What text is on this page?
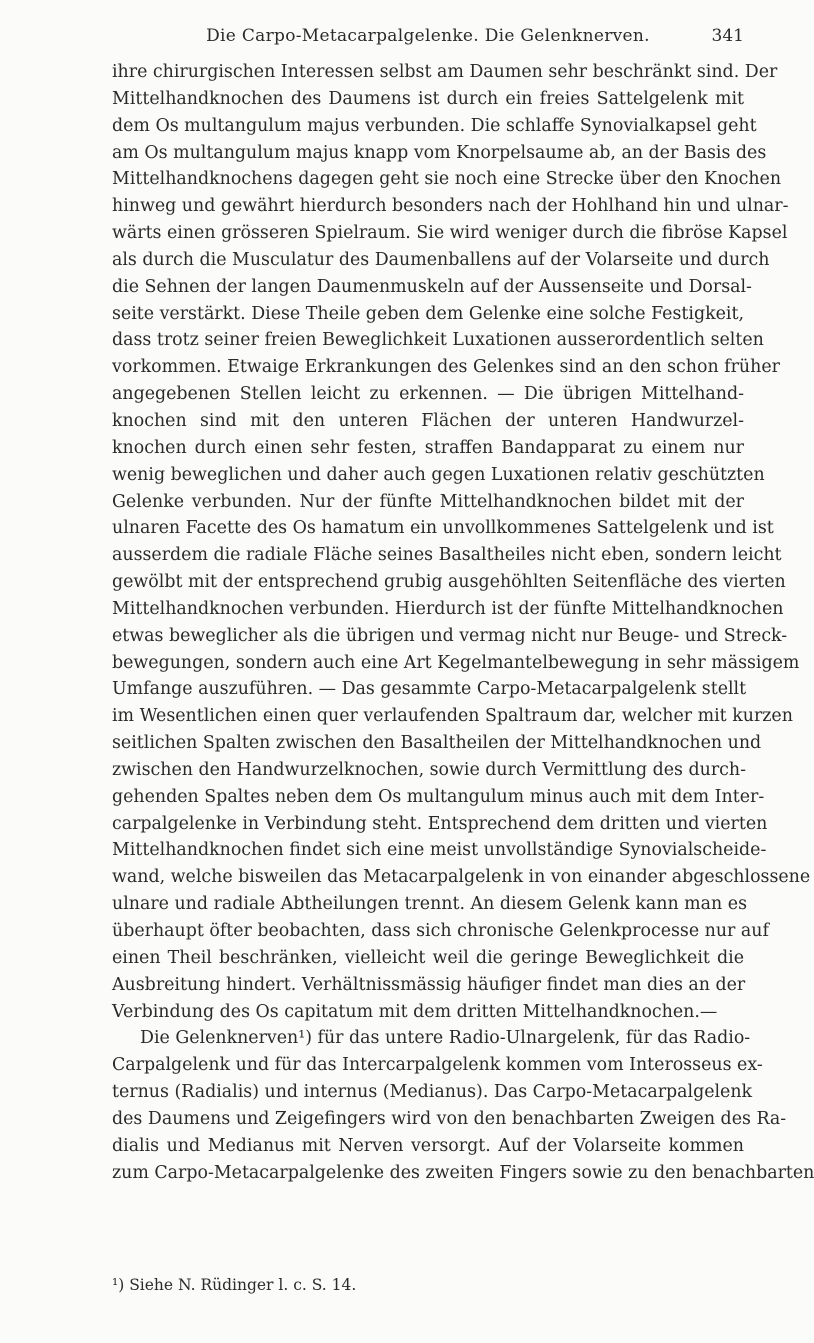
Die Carpo-Metacarpalgelenke. Die Gelenknerven.	341
ihre chirurgischen Interessen selbst am Daumen sehr beschränkt sind. Der
Mittelhandknochen des Daumens ist durch ein freies Sattelgelenk mit
dem Os multangulum majus verbunden. Die schlaffe Synovialkapsel geht
am Os multangulum majus knapp vom Knorpelsaume ab, an der Basis des
Mittelhandknochens dagegen geht sie noch eine Strecke über den Knochen
hinweg und gewährt hierdurch besonders nach der Hohlhand hin und ulnar-
wärts einen grösseren Spielraum. Sie wird weniger durch die fibröse Kapsel
als durch die Musculatur des Daumenballens auf der Volarseite und durch
die Sehnen der langen Daumenmuskeln auf der Aussenseite und Dorsal-
seite verstärkt. Diese Theile geben dem Gelenke eine solche Festigkeit,
dass trotz seiner freien Beweglichkeit Luxationen ausserordentlich selten
vorkommen. Etwaige Erkrankungen des Gelenkes sind an den schon früher
angegebenen Stellen leicht zu erkennen. — Die übrigen Mittelhand-
knochen sind mit den unteren Flächen der unteren Handwurzel-
knochen durch einen sehr festen, straffen Bandapparat zu einem nur
wenig beweglichen und daher auch gegen Luxationen relativ geschützten
Gelenke verbunden. Nur der fünfte Mittelhandknochen bildet mit der
ulnaren Facette des Os hamatum ein unvollkommenes Sattelgelenk und ist
ausserdem die radiale Fläche seines Basaltheiles nicht eben, sondern leicht
gewölbt mit der entsprechend grubig ausgehöhlten Seitenfläche des vierten
Mittelhandknochen verbunden. Hierdurch ist der fünfte Mittelhandknochen
etwas beweglicher als die übrigen und vermag nicht nur Beuge- und Streck-
bewegungen, sondern auch eine Art Kegelmantelbewegung in sehr mässigem
Umfange auszuführen. — Das gesammte Carpo-Metacarpalgelenk stellt
im Wesentlichen einen quer verlaufenden Spaltraum dar, welcher mit kurzen
seitlichen Spalten zwischen den Basaltheilen der Mittelhandknochen und
zwischen den Handwurzelknochen, sowie durch Vermittlung des durch-
gehenden Spaltes neben dem Os multangulum minus auch mit dem Inter-
carpalgelenke in Verbindung steht. Entsprechend dem dritten und vierten
Mittelhandknochen findet sich eine meist unvollständige Synovialscheide-
wand, welche bisweilen das Metacarpalgelenk in von einander abgeschlossene
ulnare und radiale Abtheilungen trennt. An diesem Gelenk kann man es
überhaupt öfter beobachten, dass sich chronische Gelenkprocesse nur auf
einen Theil beschränken, vielleicht weil die geringe Beweglichkeit die
Ausbreitung hindert. Verhältnissmässig häufiger findet man dies an der
Verbindung des Os capitatum mit dem dritten Mittelhandknochen.—
Die Gelenknerven¹) für das untere Radio-Ulnargelenk, für das Radio-
Carpalgelenk und für das Intercarpalgelenk kommen vom Interosseus ex-
ternus (Radialis) und internus (Medianus). Das Carpo-Metacarpalgelenk
des Daumens und Zeigefingers wird von den benachbarten Zweigen des Ra-
dialis und Medianus mit Nerven versorgt. Auf der Volarseite kommen
zum Carpo-Metacarpalgelenke des zweiten Fingers sowie zu den benachbarten
¹) Siehe N. Rüdinger l. c. S. 14.
